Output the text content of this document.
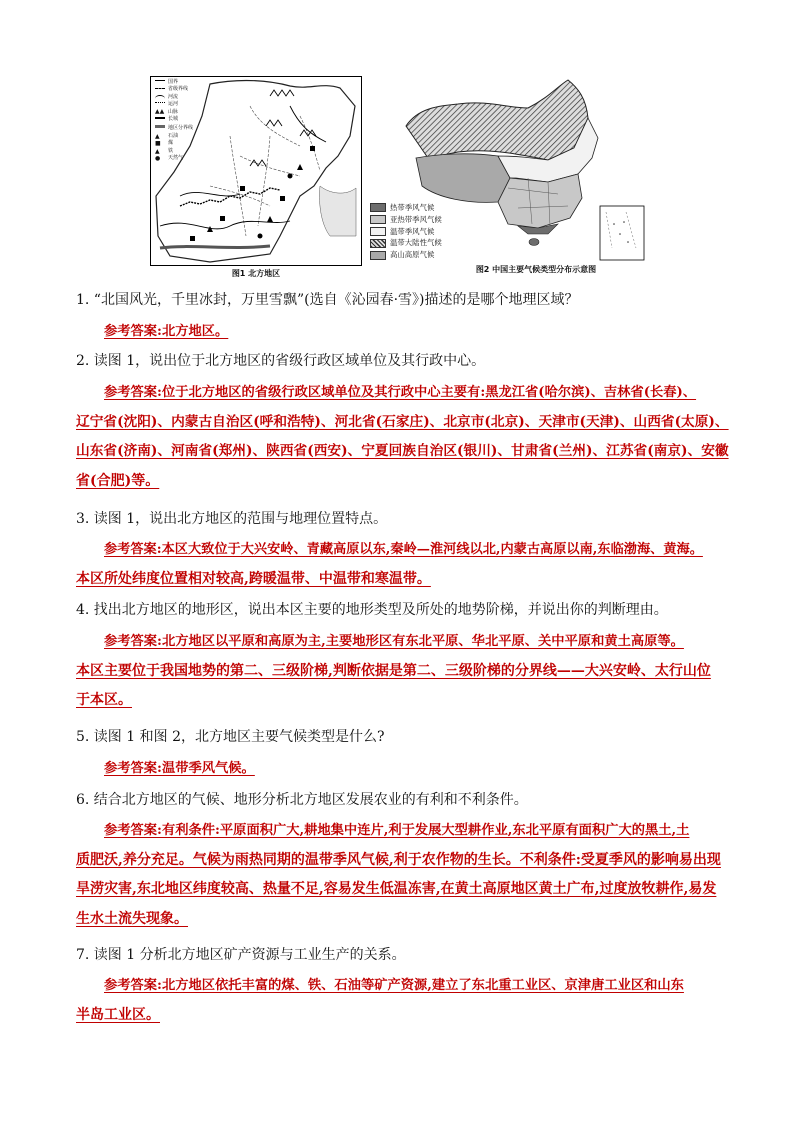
国界
省级界线
河流
运河
▲▲ 山脉
长城
地区分界线
▲	石油
■	煤
▲	铁
●	天然气
图1 北方地区
热带季风气候
亚热带季风气候
温带季风气候
温带大陆性气候
高山高原气候
图2 中国主要气候类型分布示意图
1. “北国风光，千里冰封，万里雪飘”(选自《沁园春·雪》)描述的是哪个地理区域？
参考答案:北方地区。
2. 读图 1，说出位于北方地区的省级行政区域单位及其行政中心。
参考答案:位于北方地区的省级行政区域单位及其行政中心主要有:黑龙江省(哈尔滨)、吉林省(长春)、
辽宁省(沈阳)、内蒙古自治区(呼和浩特)、河北省(石家庄)、北京市(北京)、天津市(天津)、山西省(太原)、
山东省(济南)、河南省(郑州)、陕西省(西安)、宁夏回族自治区(银川)、甘肃省(兰州)、江苏省(南京)、安徽
省(合肥)等。
3. 读图 1，说出北方地区的范围与地理位置特点。
参考答案:本区大致位于大兴安岭、青藏高原以东,秦岭—淮河线以北,内蒙古高原以南,东临渤海、黄海。
本区所处纬度位置相对较高,跨暖温带、中温带和寒温带。
4. 找出北方地区的地形区，说出本区主要的地形类型及所处的地势阶梯，并说出你的判断理由。
参考答案:北方地区以平原和高原为主,主要地形区有东北平原、华北平原、关中平原和黄土高原等。
本区主要位于我国地势的第二、三级阶梯,判断依据是第二、三级阶梯的分界线——大兴安岭、太行山位
于本区。
5. 读图 1 和图 2，北方地区主要气候类型是什么?
参考答案:温带季风气候。
6. 结合北方地区的气候、地形分析北方地区发展农业的有利和不利条件。
参考答案:有利条件:平原面积广大,耕地集中连片,利于发展大型耕作业,东北平原有面积广大的黑土,土
质肥沃,养分充足。气候为雨热同期的温带季风气候,利于农作物的生长。不利条件:受夏季风的影响易出现
旱涝灾害,东北地区纬度较高、热量不足,容易发生低温冻害,在黄土高原地区黄土广布,过度放牧耕作,易发
生水土流失现象。
7. 读图 1 分析北方地区矿产资源与工业生产的关系。
参考答案:北方地区依托丰富的煤、铁、石油等矿产资源,建立了东北重工业区、京津唐工业区和山东
半岛工业区。
